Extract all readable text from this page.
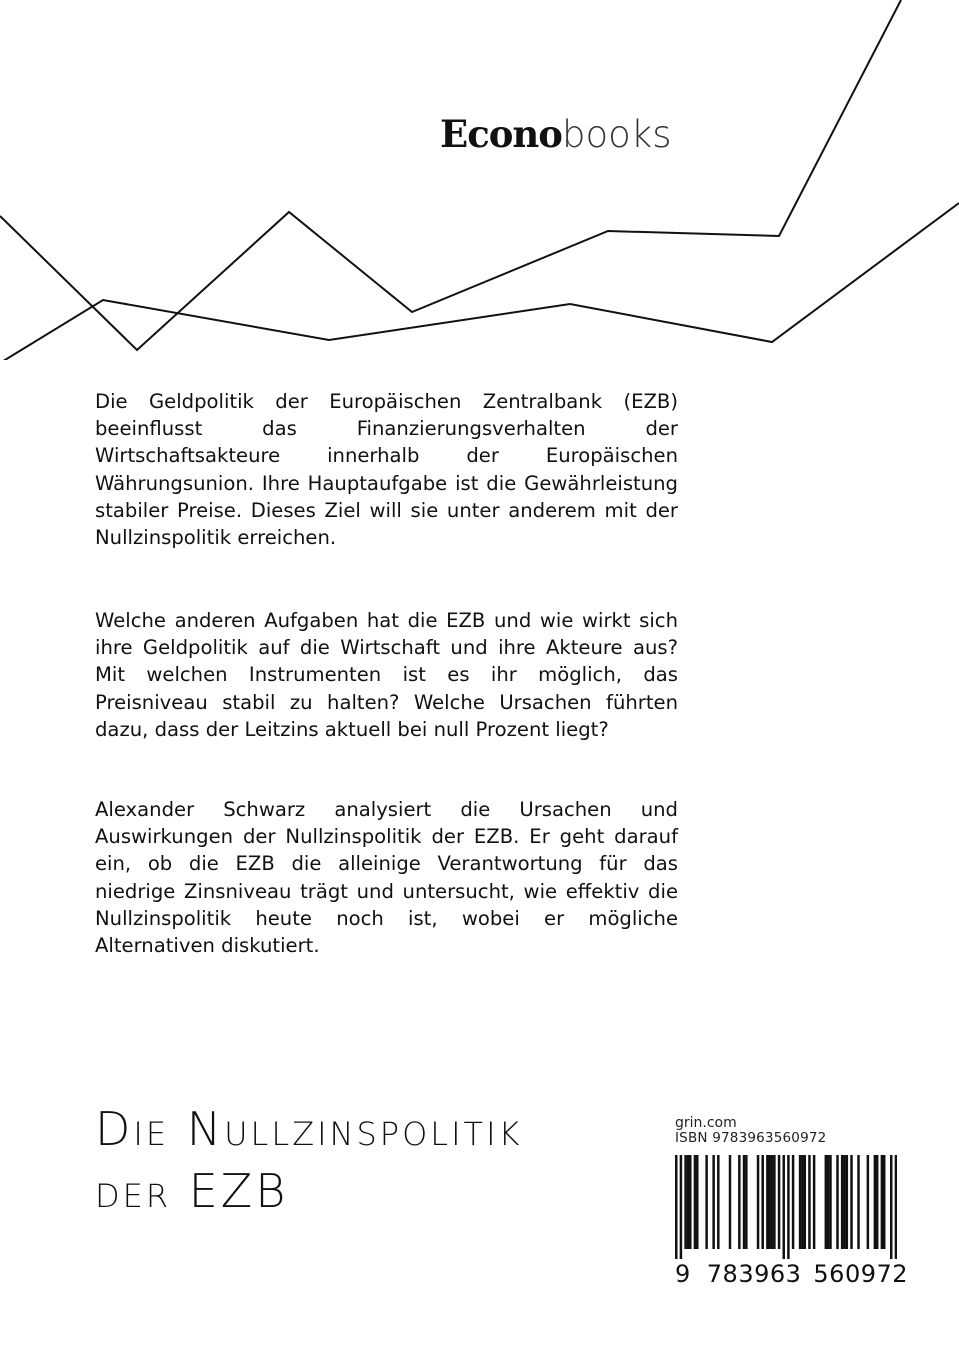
Econobooks

Die Geldpolitik der Europäischen Zentralbank (EZB) beeinflusst das Finanzierungsverhalten der Wirtschaftsakteure innerhalb der Europäischen Währungsunion. Ihre Hauptaufgabe ist die Gewährleistung stabiler Preise. Dieses Ziel will sie unter anderem mit der Nullzinspolitik erreichen.

Welche anderen Aufgaben hat die EZB und wie wirkt sich ihre Geldpolitik auf die Wirtschaft und ihre Akteure aus? Mit welchen Instrumenten ist es ihr möglich, das Preisniveau stabil zu halten? Welche Ursachen führten dazu, dass der Leitzins aktuell bei null Prozent liegt?

Alexander Schwarz analysiert die Ursachen und Auswirkungen der Nullzinspolitik der EZB. Er geht darauf ein, ob die EZB die alleinige Verantwortung für das niedrige Zinsniveau trägt und untersucht, wie effektiv die Nullzinspolitik heute noch ist, wobei er mögliche Alternativen diskutiert.

Die Nullzinspolitik
der EZB
grin.com
ISBN 9783963560972
9 783963 560972
